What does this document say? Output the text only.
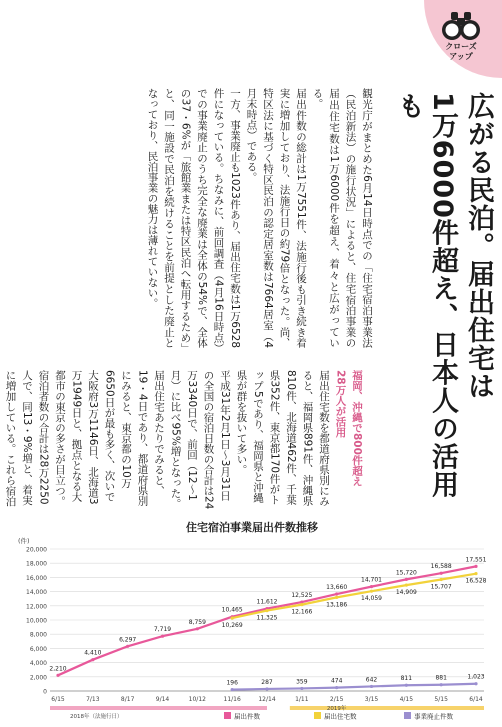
クローズ
アップ
広がる民泊。届出住宅は
1万6000件超え、日本人の活用も

観光庁がまとめた6月14日時点での「住宅宿泊事業法（民泊新法）の施行状況」によると、住宅宿泊事業の届出住宅数は1万6000件を超え、着々と広がっている。

届出件数の総計は1万7551件、法施行後も引き続き着実に増加しており、法施行日の約79倍となった。尚、特区法に基づく特区民泊の認定居室数は7664居室（4月末時点）である。

一方、事業廃止も1023件あり、届出住宅数は1万6528件になっている。ちなみに、前回調査（4月16日時点）での事業廃止のうち完全な廃業は全体の54%で、全体の37・6%が「旅館業または特区民泊へ転用するため」と、同一施設で民泊を続けることを前提とした廃止となっており、民泊事業の魅力は薄れていない。

福岡、沖縄で800件超え

28万人が活用

届出住宅数を都道府県別にみると、福岡県891件、沖縄県810件、北海道462件、千葉県352件、東京都170件がトップ5であり、福岡県と沖縄県が群を抜いて多い。

平成31年2月1日〜3月31日の全国の宿泊日数の合計は24万3340日で、前回（12〜1月）に比べ95%増となった。届出住宅あたりでみると、19・4日であり、都道府県別にみると、東京都の10万6650日が最も多く、次いで大阪府3万1146日、北海道3万1949日と、拠点となる大都市の東京の多さが目立つ。

宿泊者数の合計は28万2250人で、同13・9%増と、着実に増加している。これら宿泊

住宅宿泊事業届出件数推移
(件)
0
2,000
4,000
6,000
8,000
10,000
12,000
14,000
16,000
18,000
20,000
6/15	7/13	8/17	9/14	10/12	11/16	12/14	1/11	2/15	3/15	4/15	5/15	6/14
2018年（法施行日）
2019年
2,210
4,410
6,297
7,719
8,759
10,465
11,612
12,525
13,660
14,701
15,720
16,588
17,551
10,269
11,325
12,166
13,186
14,059
14,909
15,707
16,528
196	287	359	474	642	811	881	1,023
届出件数	届出住宅数	事業廃止件数
